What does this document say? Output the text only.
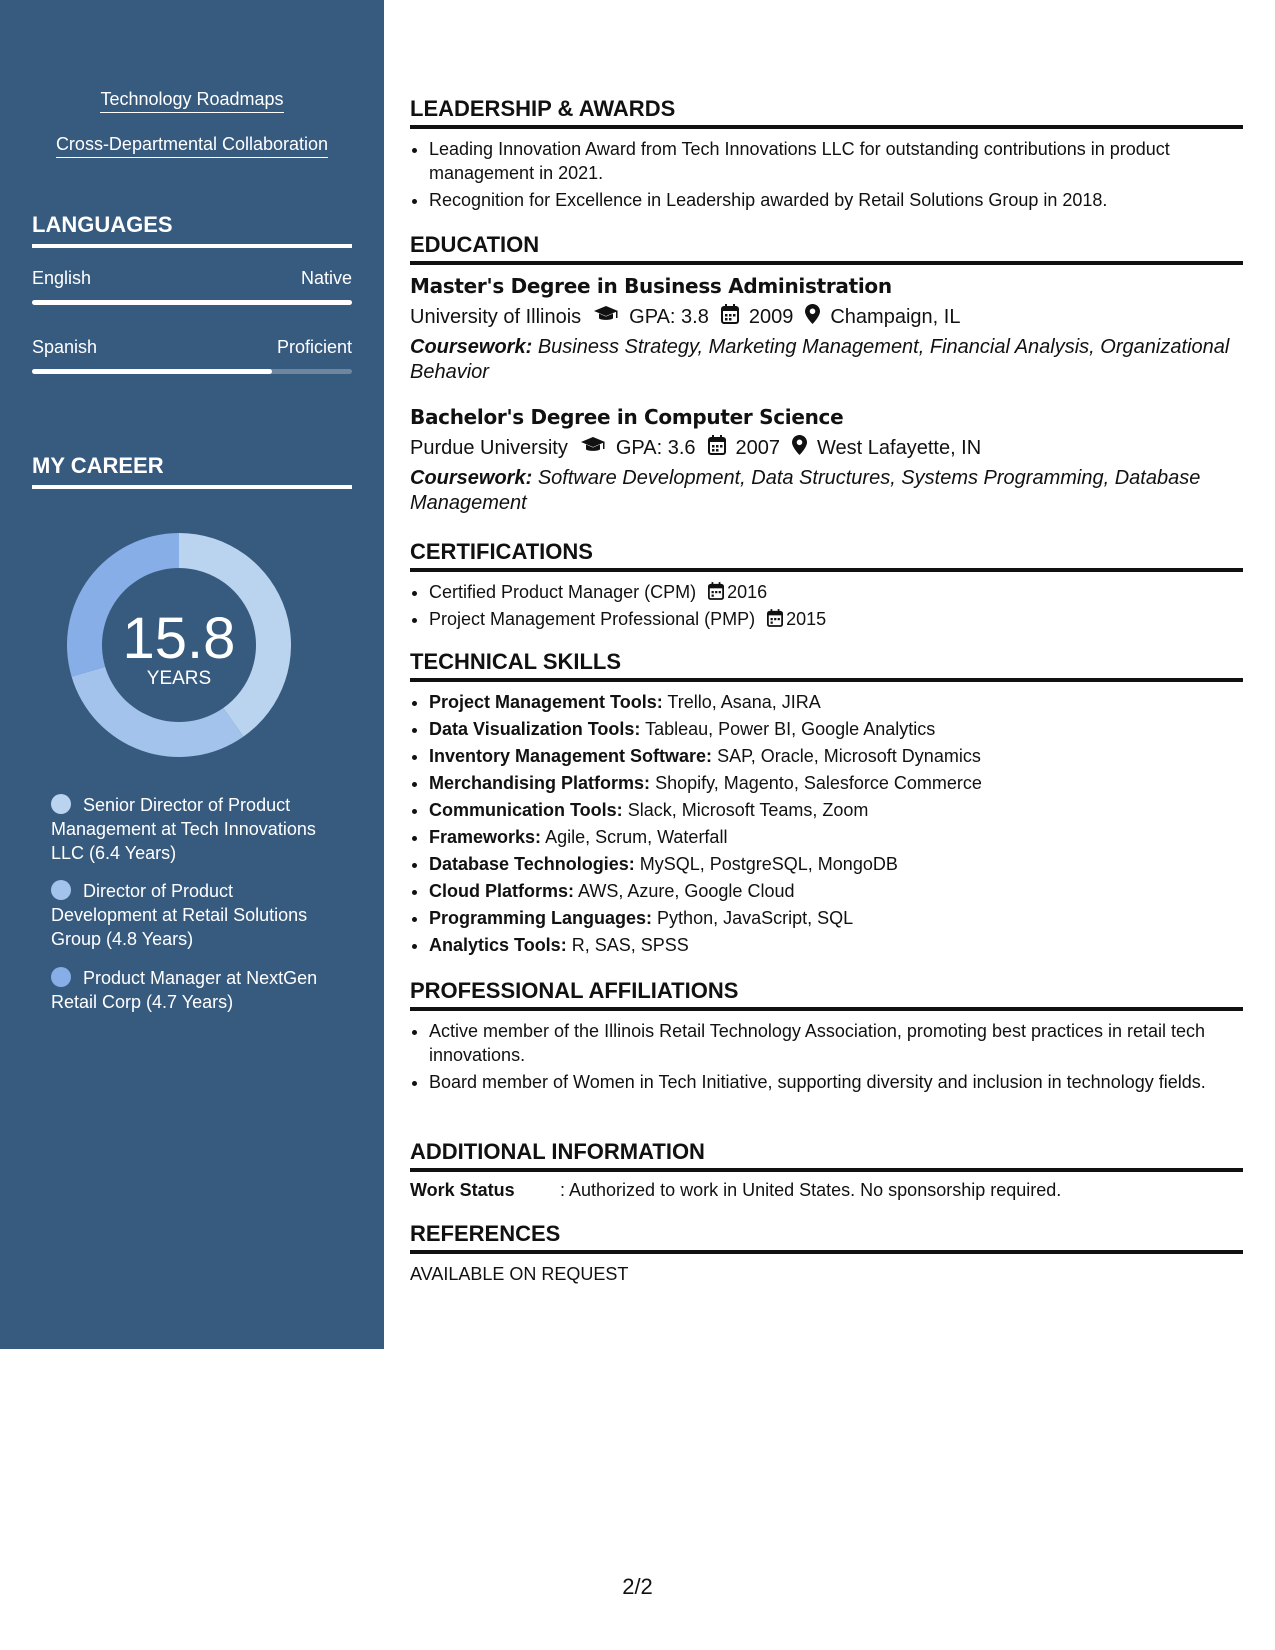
Technology Roadmaps
Cross-Departmental Collaboration
LANGUAGES
English	Native
Spanish	Proficient
MY CAREER
15.8
YEARS
Senior Director of Product Management at Tech Innovations LLC (6.4 Years)
Director of Product Development at Retail Solutions Group (4.8 Years)
Product Manager at NextGen Retail Corp (4.7 Years)
LEADERSHIP & AWARDS
• Leading Innovation Award from Tech Innovations LLC for outstanding contributions in product management in 2021.
• Recognition for Excellence in Leadership awarded by Retail Solutions Group in 2018.
EDUCATION
Master's Degree in Business Administration
University of Illinois GPA:
3.8 2009 Champaign, IL
Coursework: Business Strategy, Marketing Management, Financial Analysis, Organizational Behavior
Bachelor's Degree in Computer Science
Purdue University GPA:
3.6 2007 West Lafayette, IN
Coursework: Software Development, Data Structures, Systems Programming, Database Management
CERTIFICATIONS
• Certified Product Manager (CPM) 2016
• Project Management Professional (PMP) 2015
TECHNICAL SKILLS
• Project Management Tools: Trello, Asana, JIRA
• Data Visualization Tools: Tableau, Power BI, Google Analytics
• Inventory Management Software: SAP, Oracle, Microsoft Dynamics
• Merchandising Platforms: Shopify, Magento, Salesforce Commerce
• Communication Tools: Slack, Microsoft Teams, Zoom
• Frameworks: Agile, Scrum, Waterfall
• Database Technologies: MySQL, PostgreSQL, MongoDB
• Cloud Platforms: AWS, Azure, Google Cloud
• Programming Languages: Python, JavaScript, SQL
• Analytics Tools: R, SAS, SPSS
PROFESSIONAL AFFILIATIONS
• Active member of the Illinois Retail Technology Association, promoting best practices in retail tech innovations.
• Board member of Women in Tech Initiative, supporting diversity and inclusion in technology fields.
ADDITIONAL INFORMATION
Work Status	: Authorized to work in United States. No sponsorship required.
REFERENCES
AVAILABLE ON REQUEST
2/2
